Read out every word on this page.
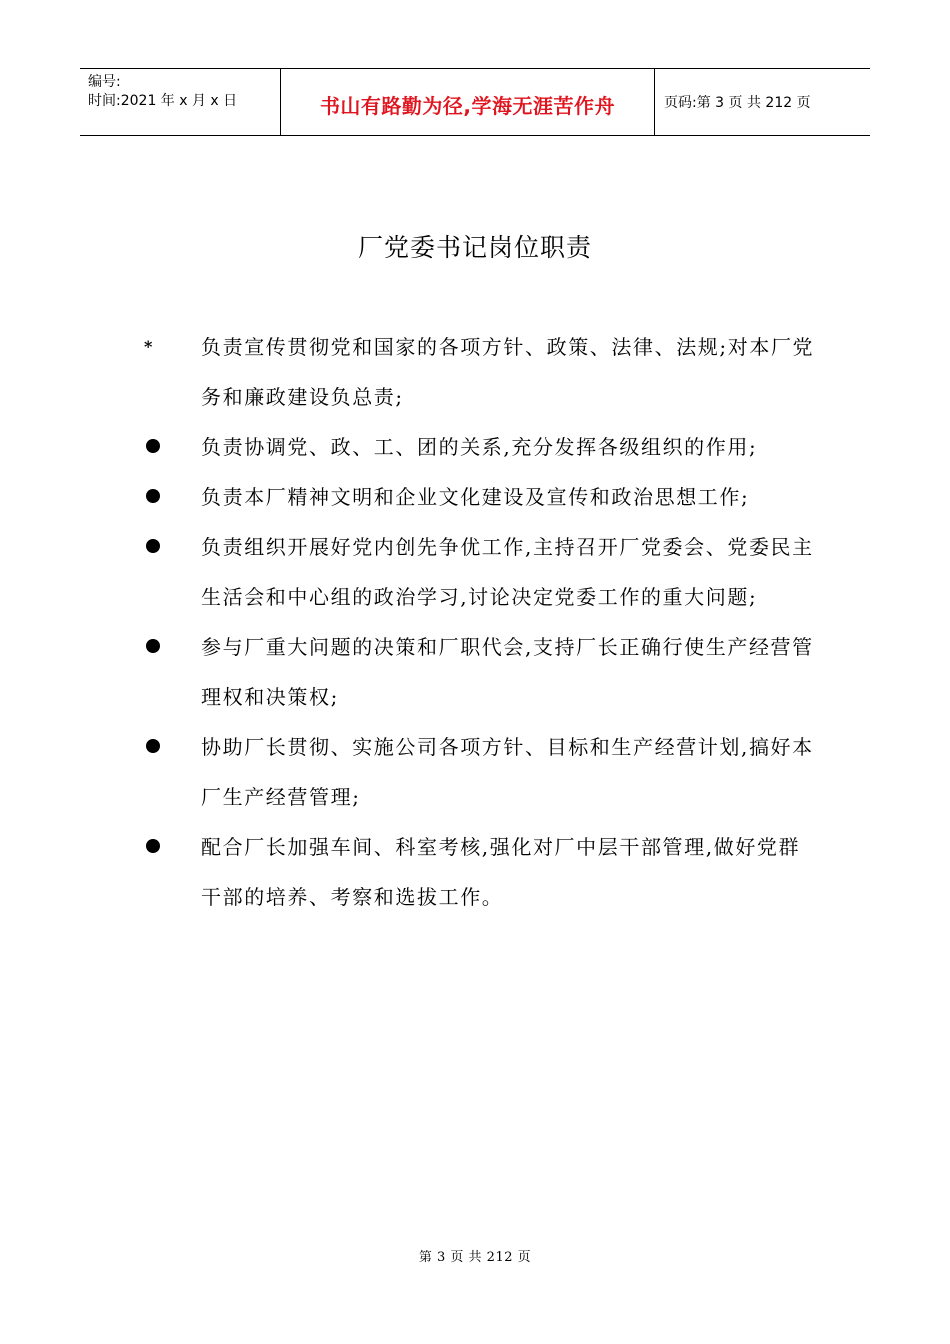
编号:
时间:2021 年 x 月 x 日	书山有路勤为径,学海无涯苦作舟	页码:第 3 页 共 212 页
厂党委书记岗位职责
* 负责宣传贯彻党和国家的各项方针、政策、法律、法规;对本厂党务和廉政建设负总责;
负责协调党、政、工、团的关系,充分发挥各级组织的作用;
负责本厂精神文明和企业文化建设及宣传和政治思想工作;
负责组织开展好党内创先争优工作,主持召开厂党委会、党委民主生活会和中心组的政治学习,讨论决定党委工作的重大问题;
参与厂重大问题的决策和厂职代会,支持厂长正确行使生产经营管理权和决策权;
协助厂长贯彻、实施公司各项方针、目标和生产经营计划,搞好本厂生产经营管理;
配合厂长加强车间、科室考核,强化对厂中层干部管理,做好党群干部的培养、考察和选拔工作。
第 3 页 共 212 页
